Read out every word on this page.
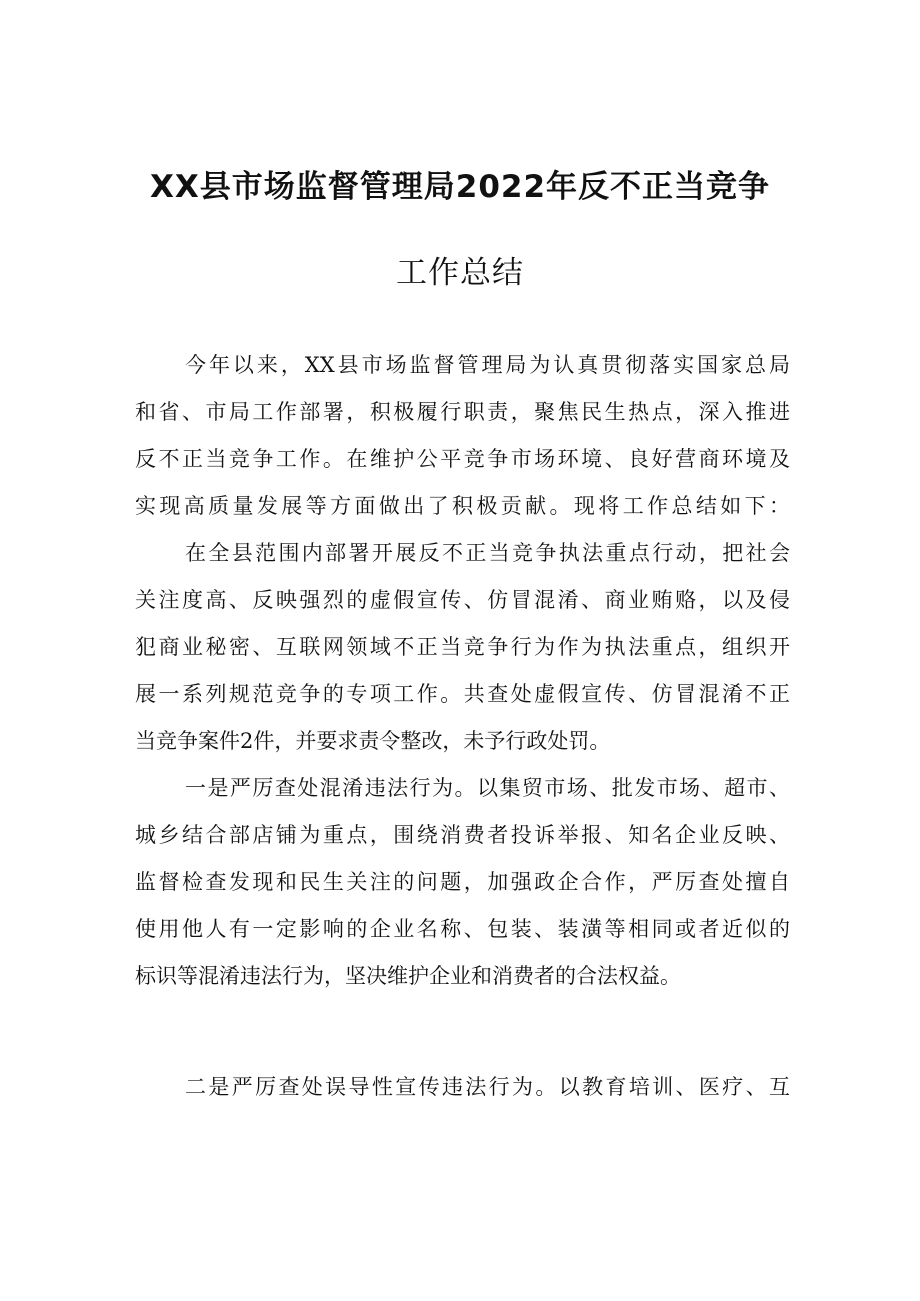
XX县市场监督管理局2022年反不正当竞争
工作总结
今年以来，XX县市场监督管理局为认真贯彻落实国家总局
和省、市局工作部署，积极履行职责，聚焦民生热点，深入推进
反不正当竞争工作。在维护公平竞争市场环境、良好营商环境及
实现高质量发展等方面做出了积极贡献。现将工作总结如下：
在全县范围内部署开展反不正当竞争执法重点行动，把社会
关注度高、反映强烈的虚假宣传、仿冒混淆、商业贿赂，以及侵
犯商业秘密、互联网领域不正当竞争行为作为执法重点，组织开
展一系列规范竞争的专项工作。共查处虚假宣传、仿冒混淆不正
当竞争案件2件，并要求责令整改，未予行政处罚。
一是严厉查处混淆违法行为。以集贸市场、批发市场、超市、
城乡结合部店铺为重点，围绕消费者投诉举报、知名企业反映、
监督检查发现和民生关注的问题，加强政企合作，严厉查处擅自
使用他人有一定影响的企业名称、包装、装潢等相同或者近似的
标识等混淆违法行为，坚决维护企业和消费者的合法权益。
二是严厉查处误导性宣传违法行为。以教育培训、医疗、互
